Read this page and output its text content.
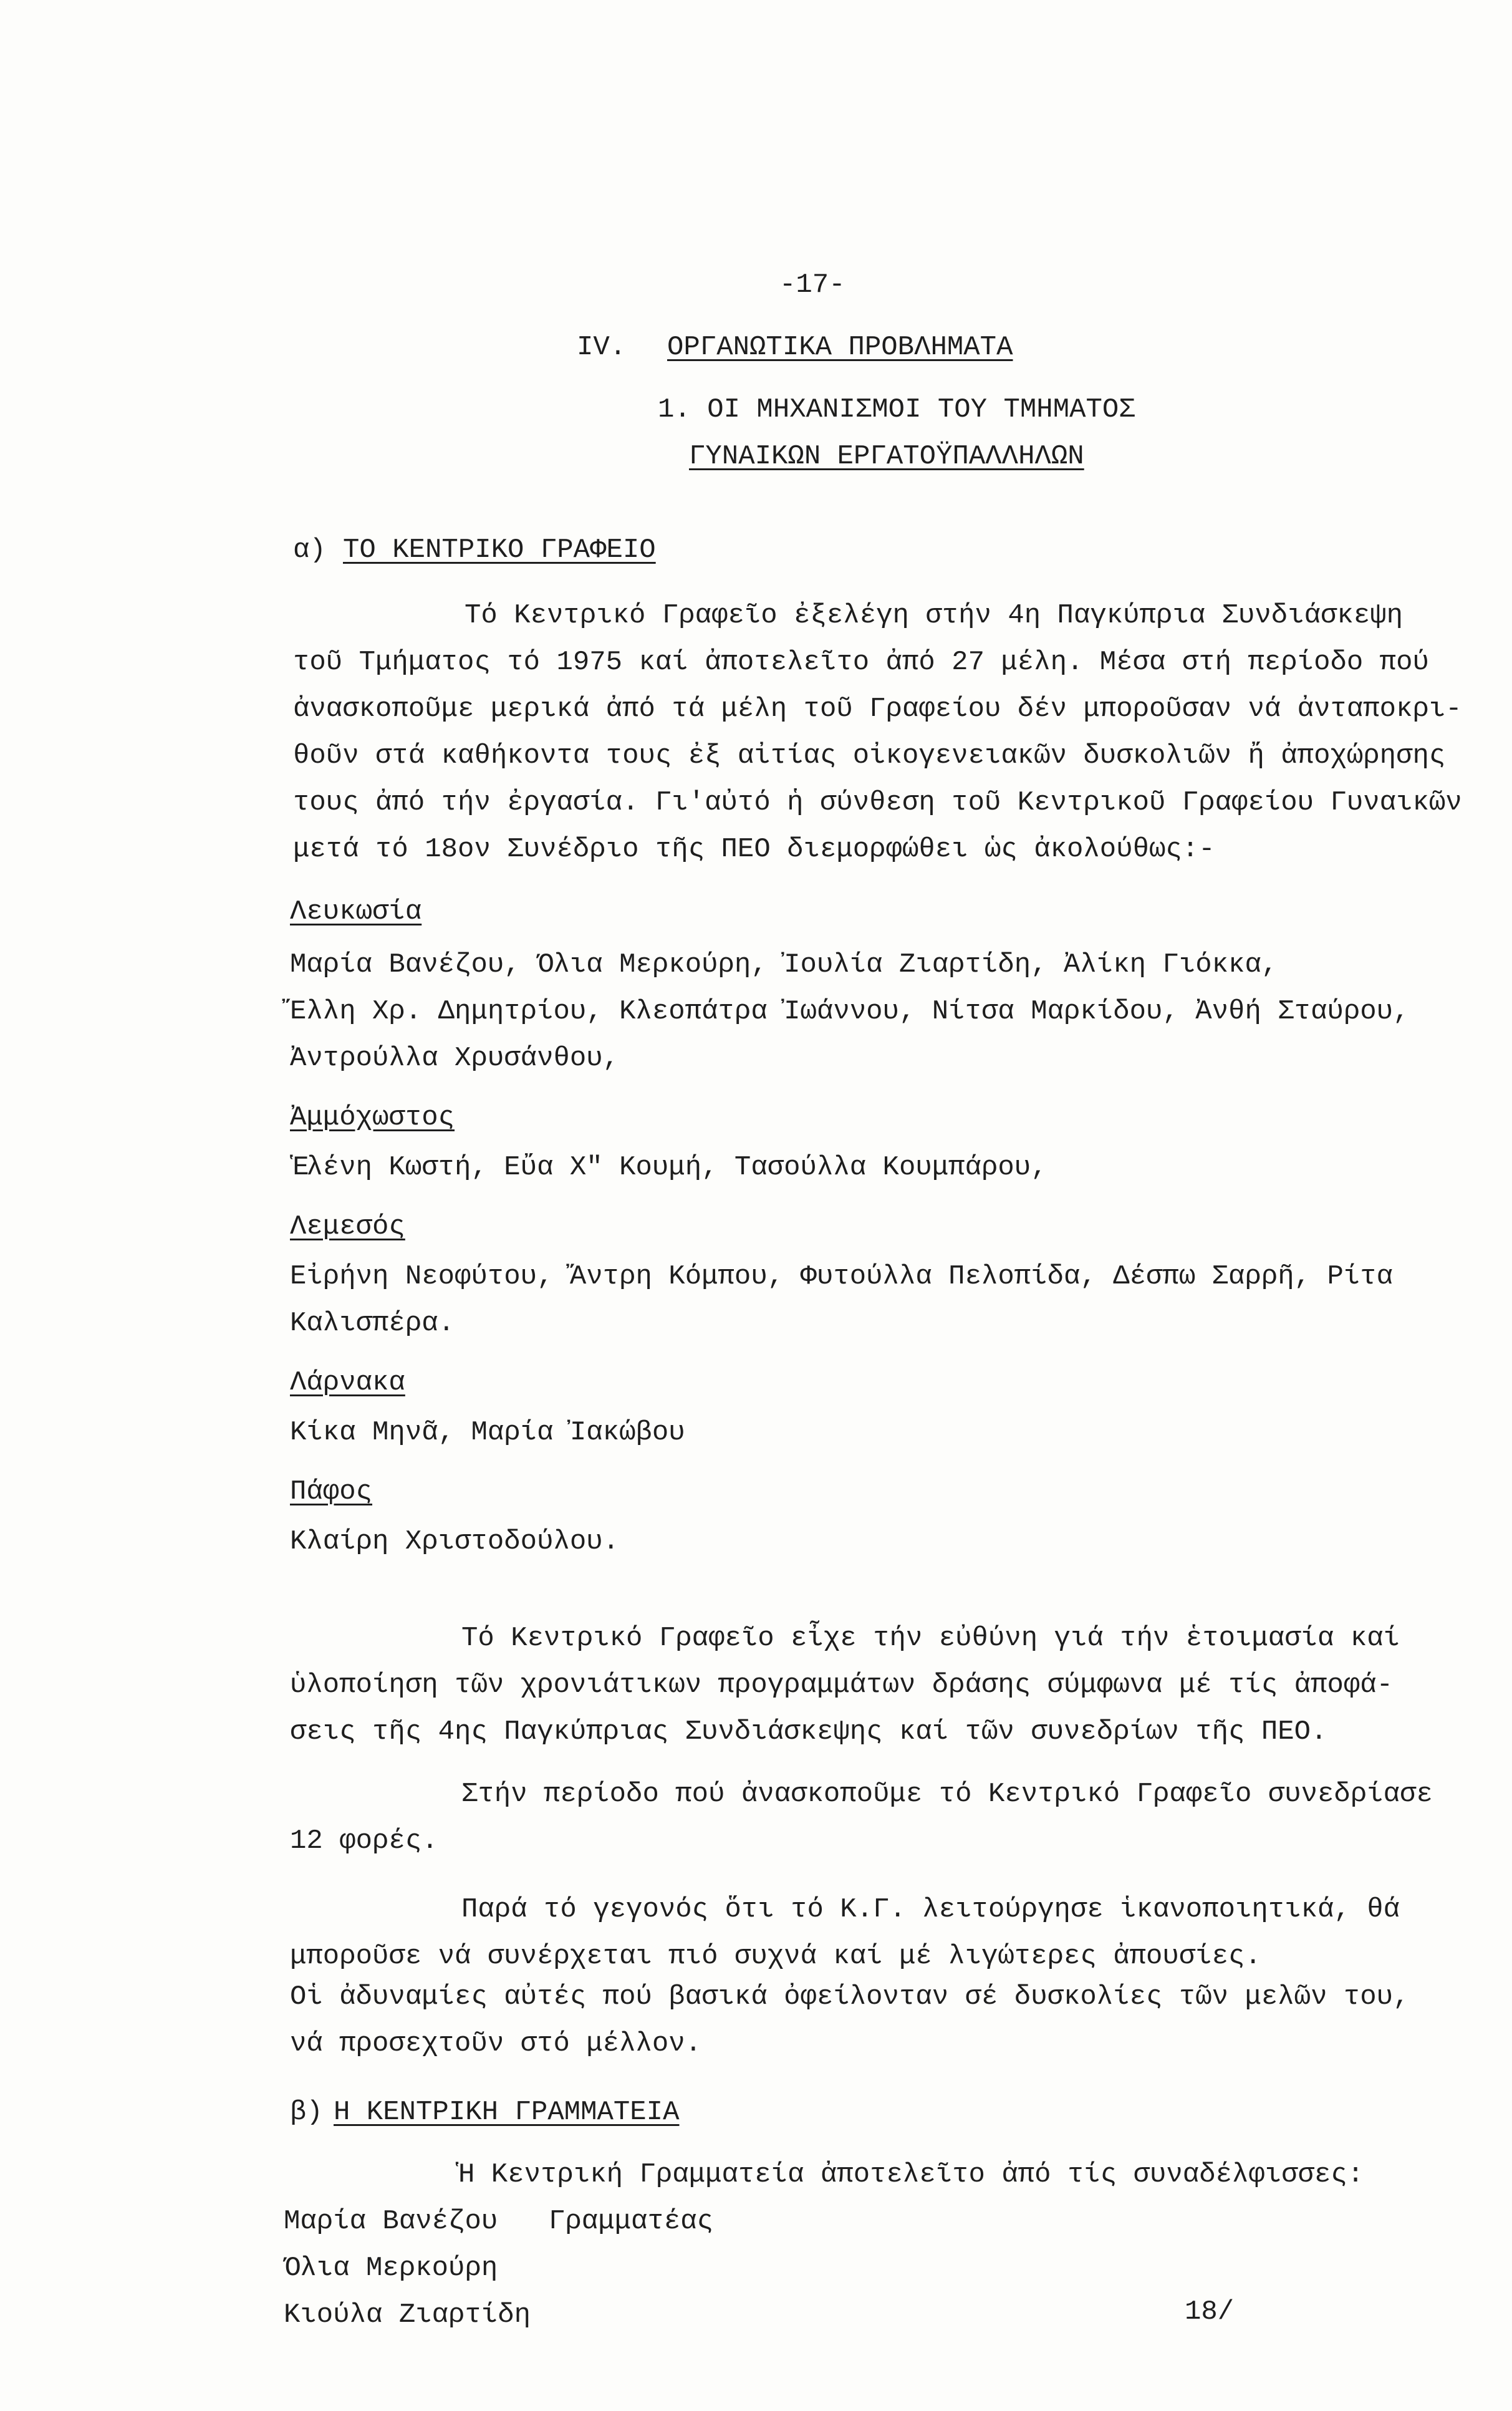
-17-
IV. ΟΡΓΑΝΩΤΙΚΑ ΠΡΟΒΛΗΜΑΤΑ
1. ΟΙ ΜΗΧΑΝΙΣΜΟΙ ΤΟΥ ΤΜΗΜΑΤΟΣ
ΓΥΝΑΙΚΩΝ ΕΡΓΑΤΟΫΠΑΛΛΗΛΩΝ
α) ΤΟ ΚΕΝΤΡΙΚΟ ΓΡΑΦΕΙΟ
Τό Κεντρικό Γραφεῖο ἐξελέγη στήν 4η Παγκύπρια Συνδιάσκεψη
τοῦ Τμήματος τό 1975 καί ἀποτελεῖτο ἀπό 27 μέλη. Μέσα στή περίοδο πού
ἀνασκοποῦμε μερικά ἀπό τά μέλη τοῦ Γραφείου δέν μποροῦσαν νά ἀνταποκρι-
θοῦν στά καθήκοντα τους ἐξ αἰτίας οἰκογενειακῶν δυσκολιῶν ἤ ἀποχώρησης
τους ἀπό τήν ἐργασία. Γι'αὐτό ἡ σύνθεση τοῦ Κεντρικοῦ Γραφείου Γυναικῶν
μετά τό 18ον Συνέδριο τῆς ΠΕΟ διεμορφώθει ὡς ἀκολούθως:-
Λευκωσία
Μαρία Βανέζου, Όλια Μερκούρη, Ἰουλία Ζιαρτίδη, Ἀλίκη Γιόκκα,
Ἔλλη Χρ. Δημητρίου, Κλεοπάτρα Ἰωάννου, Νίτσα Μαρκίδου, Ἀνθή Σταύρου,
Ἀντρούλλα Χρυσάνθου,
Ἀμμόχωστος
Ἑλένη Κωστή, Εὔα Χ" Κουμή, Τασούλλα Κουμπάρου,
Λεμεσός
Εἰρήνη Νεοφύτου, Ἄντρη Κόμπου, Φυτούλλα Πελοπίδα, Δέσπω Σαρρῆ, Ρίτα
Καλισπέρα.
Λάρνακα
Κίκα Μηνᾶ, Μαρία Ἰακώβου
Πάφος
Κλαίρη Χριστοδούλου.
Τό Κεντρικό Γραφεῖο εἶχε τήν εὐθύνη γιά τήν ἑτοιμασία καί
ὑλοποίηση τῶν χρονιάτικων προγραμμάτων δράσης σύμφωνα μέ τίς ἀποφά-
σεις τῆς 4ης Παγκύπριας Συνδιάσκεψης καί τῶν συνεδρίων τῆς ΠΕΟ.
Στήν περίοδο πού ἀνασκοποῦμε τό Κεντρικό Γραφεῖο συνεδρίασε
12 φορές.
Παρά τό γεγονός ὅτι τό Κ.Γ. λειτούργησε ἱκανοποιητικά, θά
μποροῦσε νά συνέρχεται πιό συχνά καί μέ λιγώτερες ἀπουσίες.
Οἱ ἀδυναμίες αὐτές πού βασικά ὀφείλονταν σέ δυσκολίες τῶν μελῶν του,
νά προσεχτοῦν στό μέλλον.
β) Η ΚΕΝΤΡΙΚΗ ΓΡΑΜΜΑΤΕΙΑ
Ἡ Κεντρική Γραμματεία ἀποτελεῖτο ἀπό τίς συναδέλφισσες:
Μαρία Βανέζου Γραμματέας
Όλια Μερκούρη
Κιούλα Ζιαρτίδη	18/
